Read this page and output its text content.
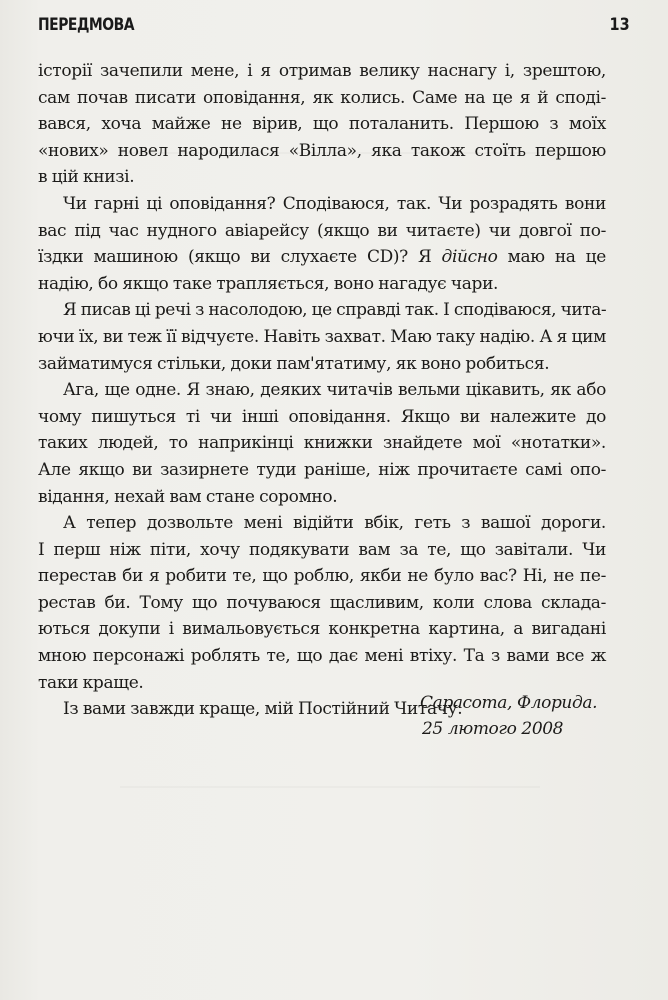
ПЕРЕДМОВА	13
історії зачепили мене, і я отримав велику наснагу і, зрештою,
сам почав писати оповідання, як колись. Саме на це я й споді-
вався, хоча майже не вірив, що поталанить. Першою з моїх
«нових» новел народилася «Вілла», яка також стоїть першою
в цій книзі.
Чи гарні ці оповідання? Сподіваюся, так. Чи розрадять вони
вас під час нудного авіарейсу (якщо ви читаєте) чи довгої по-
їздки машиною (якщо ви слухаєте CD)? Я дійсно маю на це
надію, бо якщо таке трапляється, воно нагадує чари.
Я писав ці речі з насолодою, це справді так. І сподіваюся, чита-
ючи їх, ви теж її відчуєте. Навіть захват. Маю таку надію. А я цим
займатимуся стільки, доки пам'ятатиму, як воно робиться.
Ага, ще одне. Я знаю, деяких читачів вельми цікавить, як або
чому пишуться ті чи інші оповідання. Якщо ви належите до
таких людей, то наприкінці книжки знайдете мої «нотатки».
Але якщо ви зазирнете туди раніше, ніж прочитаєте самі опо-
відання, нехай вам стане соромно.
А тепер дозвольте мені відійти вбік, геть з вашої дороги.
І перш ніж піти, хочу подякувати вам за те, що завітали. Чи
перестав би я робити те, що роблю, якби не було вас? Ні, не пе-
рестав би. Тому що почуваюся щасливим, коли слова склада-
ються докупи і вимальовується конкретна картина, а вигадані
мною персонажі роблять те, що дає мені втіху. Та з вами все ж
таки краще.
Із вами завжди краще, мій Постійний Читачу.
Сарасота, Флорида.
25 лютого 2008
